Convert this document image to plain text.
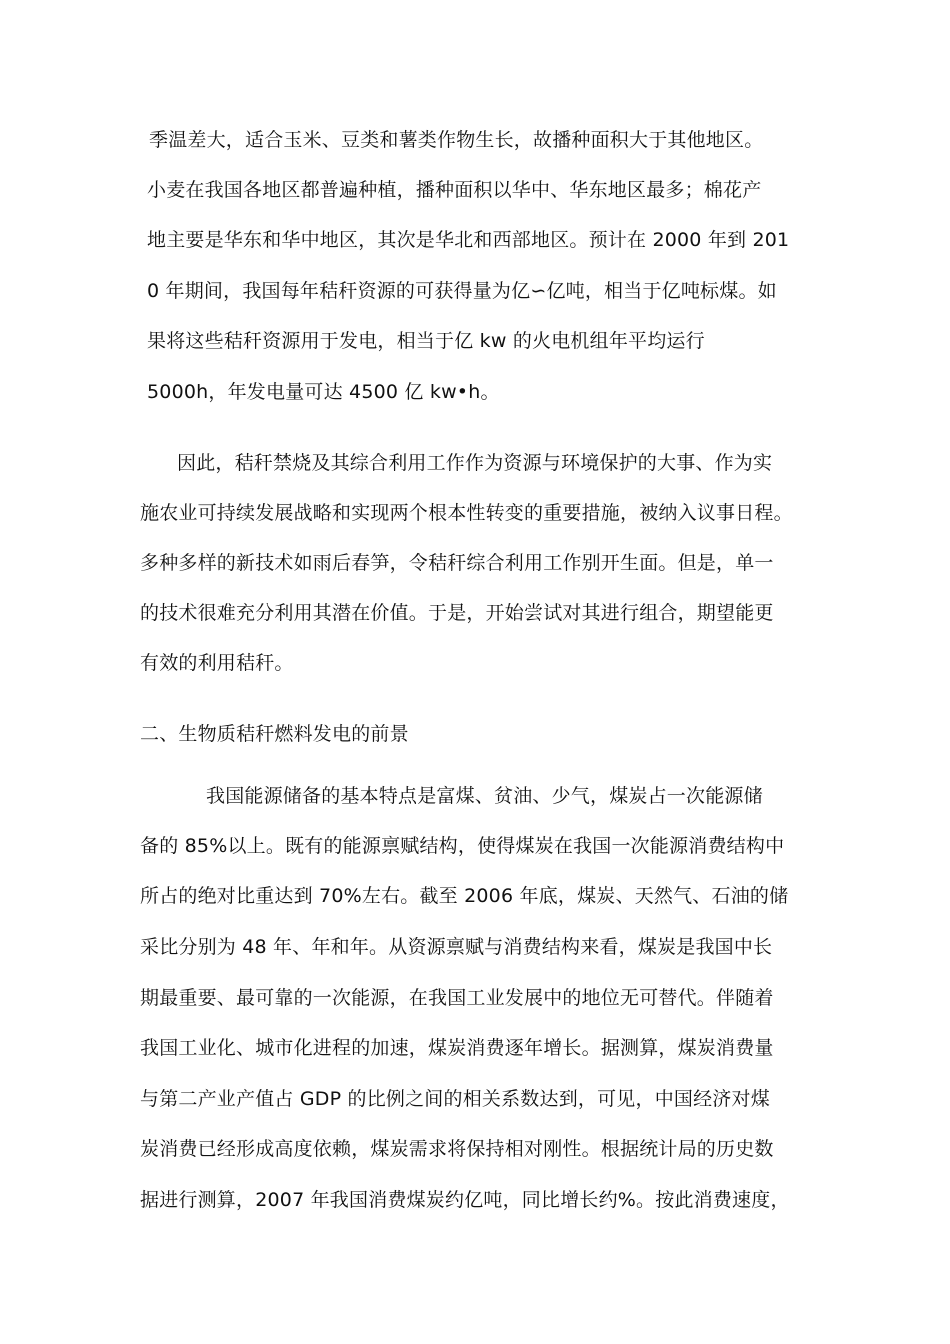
季温差大，适合玉米、豆类和薯类作物生长，故播种面积大于其他地区。
小麦在我国各地区都普遍种植，播种面积以华中、华东地区最多；棉花产
地主要是华东和华中地区，其次是华北和西部地区。预计在 2000 年到 201
0 年期间，我国每年秸秆资源的可获得量为亿∽亿吨，相当于亿吨标煤。如
果将这些秸秆资源用于发电，相当于亿 kw 的火电机组年平均运行
5000h，年发电量可达 4500 亿 kw•h。
因此，秸秆禁烧及其综合利用工作作为资源与环境保护的大事、作为实
施农业可持续发展战略和实现两个根本性转变的重要措施，被纳入议事日程。
多种多样的新技术如雨后春笋，令秸秆综合利用工作别开生面。但是，单一
的技术很难充分利用其潜在价值。于是，开始尝试对其进行组合，期望能更
有效的利用秸秆。
二、生物质秸秆燃料发电的前景
我国能源储备的基本特点是富煤、贫油、少气，煤炭占一次能源储
备的 85%以上。既有的能源禀赋结构，使得煤炭在我国一次能源消费结构中
所占的绝对比重达到 70%左右。截至 2006 年底，煤炭、天然气、石油的储
采比分别为 48 年、年和年。从资源禀赋与消费结构来看，煤炭是我国中长
期最重要、最可靠的一次能源，在我国工业发展中的地位无可替代。伴随着
我国工业化、城市化进程的加速，煤炭消费逐年增长。据测算，煤炭消费量
与第二产业产值占 GDP 的比例之间的相关系数达到，可见，中国经济对煤
炭消费已经形成高度依赖，煤炭需求将保持相对刚性。根据统计局的历史数
据进行测算，2007 年我国消费煤炭约亿吨，同比增长约%。按此消费速度，
